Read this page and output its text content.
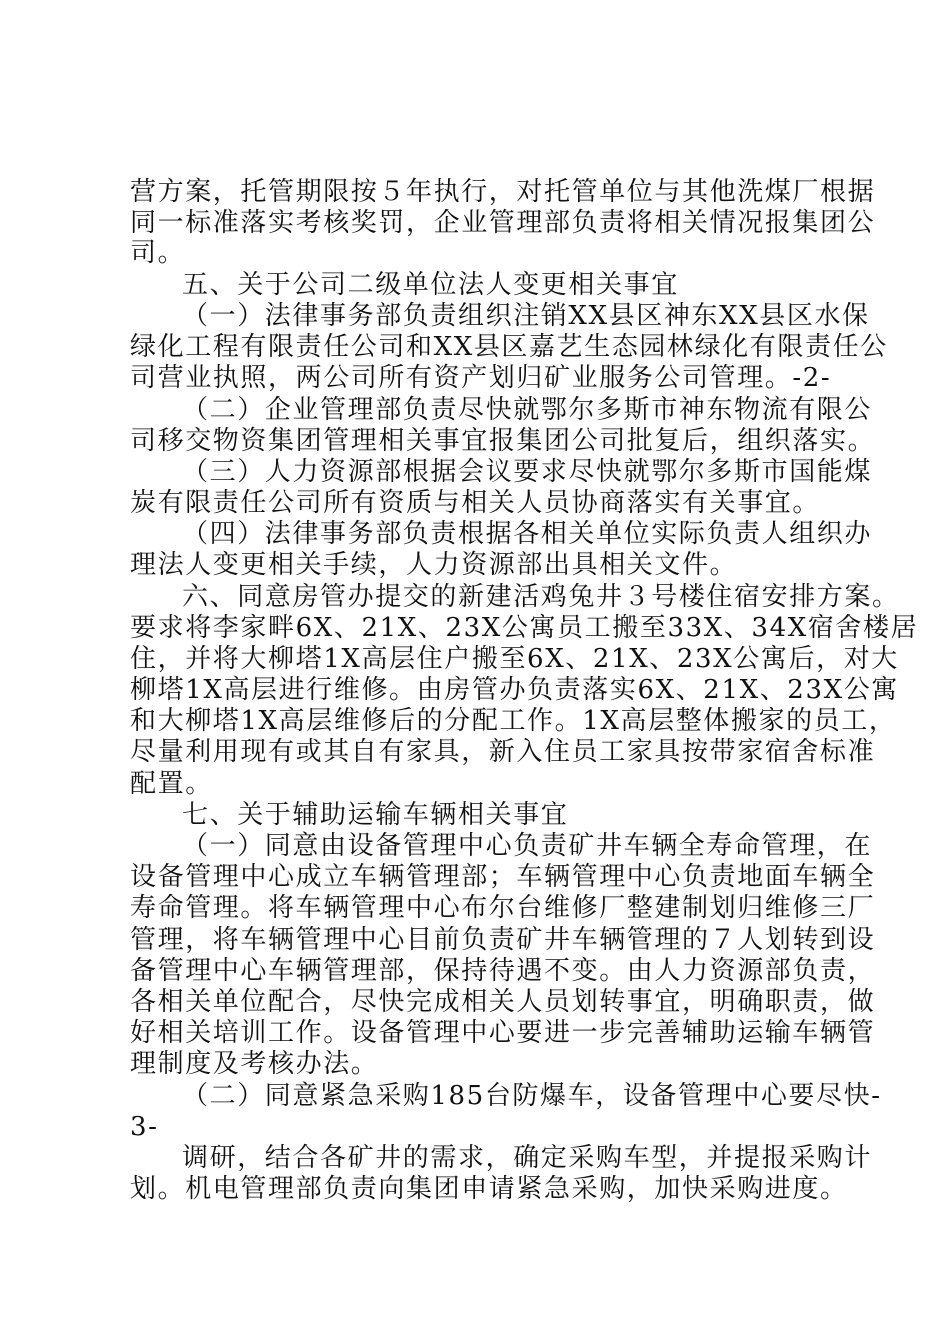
营方案，托管期限按５年执行，对托管单位与其他洗煤厂根据
同一标准落实考核奖罚，企业管理部负责将相关情况报集团公
司。
五、关于公司二级单位法人变更相关事宜
（一）法律事务部负责组织注销XX县区神东XX县区水保
绿化工程有限责任公司和XX县区嘉艺生态园林绿化有限责任公
司营业执照，两公司所有资产划归矿业服务公司管理。-2-
（二）企业管理部负责尽快就鄂尔多斯市神东物流有限公
司移交物资集团管理相关事宜报集团公司批复后，组织落实。
（三）人力资源部根据会议要求尽快就鄂尔多斯市国能煤
炭有限责任公司所有资质与相关人员协商落实有关事宜。
（四）法律事务部负责根据各相关单位实际负责人组织办
理法人变更相关手续，人力资源部出具相关文件。
六、同意房管办提交的新建活鸡兔井３号楼住宿安排方案。
要求将李家畔6X、21X、23X公寓员工搬至33X、34X宿舍楼居
住，并将大柳塔1X高层住户搬至6X、21X、23X公寓后，对大
柳塔1X高层进行维修。由房管办负责落实6X、21X、23X公寓
和大柳塔1X高层维修后的分配工作。1X高层整体搬家的员工，
尽量利用现有或其自有家具，新入住员工家具按带家宿舍标准
配置。
七、关于辅助运输车辆相关事宜
（一）同意由设备管理中心负责矿井车辆全寿命管理，在
设备管理中心成立车辆管理部；车辆管理中心负责地面车辆全
寿命管理。将车辆管理中心布尔台维修厂整建制划归维修三厂
管理，将车辆管理中心目前负责矿井车辆管理的７人划转到设
备管理中心车辆管理部，保持待遇不变。由人力资源部负责，
各相关单位配合，尽快完成相关人员划转事宜，明确职责，做
好相关培训工作。设备管理中心要进一步完善辅助运输车辆管
理制度及考核办法。
（二）同意紧急采购185台防爆车，设备管理中心要尽快-
3-
调研，结合各矿井的需求，确定采购车型，并提报采购计
划。机电管理部负责向集团申请紧急采购，加快采购进度。
